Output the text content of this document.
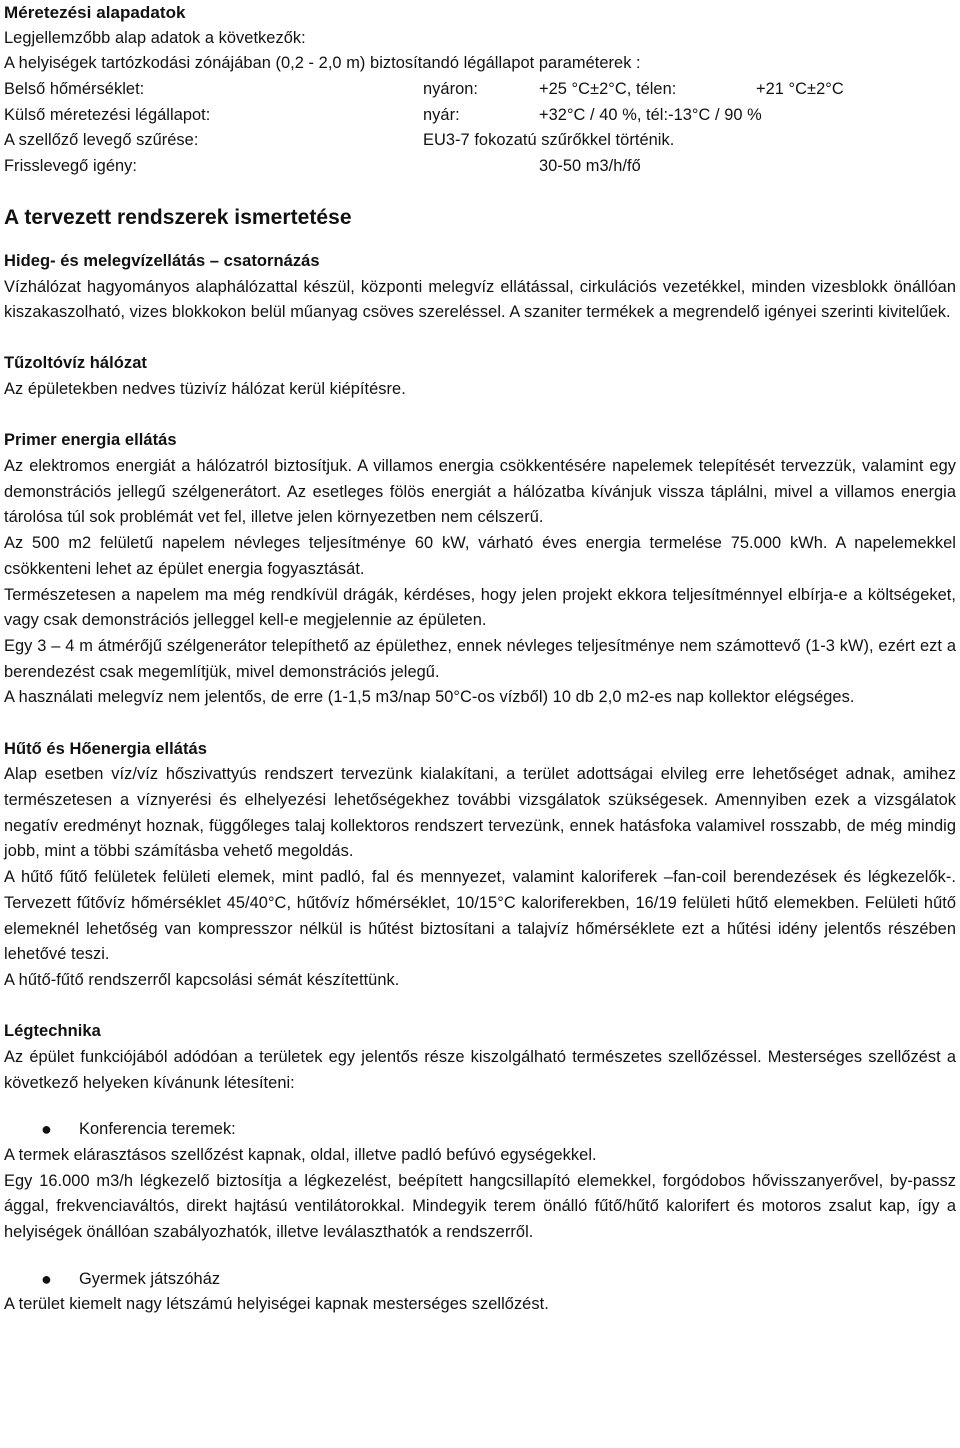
Méretezési alapadatok

Legjellemzőbb alap adatok a következők:

A helyiségek tartózkodási zónájában (0,2 - 2,0 m) biztosítandó légállapot paraméterek :

Belső hőmérséklet:	nyáron:	+25 °C±2°C, télen:	+21 °C±2°C
Külső méretezési légállapot:	nyár:	+32°C / 40 %, tél:-13°C / 90 %
A szellőző levegő szűrése:	EU3-7 fokozatú szűrőkkel történik.
Frisslevegő igény:	30-50 m3/h/fő
A tervezett rendszerek ismertetése
Hideg- és melegvízellátás – csatornázás

Vízhálózat hagyományos alaphálózattal készül, központi melegvíz ellátással, cirkulációs vezetékkel, minden vizesblokk önállóan kiszakaszolható, vizes blokkokon belül műanyag csöves szereléssel. A szaniter termékek a megrendelő igényei szerinti kivitelűek.

Tűzoltóvíz hálózat

Az épületekben nedves tüzivíz hálózat kerül kiépítésre.

Primer energia ellátás

Az elektromos energiát a hálózatról biztosítjuk. A villamos energia csökkentésére napelemek telepítését tervezzük, valamint egy demonstrációs jellegű szélgenerátort. Az esetleges fölös energiát a hálózatba kívánjuk vissza táplálni, mivel a villamos energia tárolósa túl sok problémát vet fel, illetve jelen környezetben nem célszerű.

Az 500 m2 felületű napelem névleges teljesítménye 60 kW, várható éves energia termelése 75.000 kWh. A napelemekkel csökkenteni lehet az épület energia fogyasztását.

Természetesen a napelem ma még rendkívül drágák, kérdéses, hogy jelen projekt ekkora teljesítménnyel elbírja-e a költségeket, vagy csak demonstrációs jelleggel kell-e megjelennie az épületen.

Egy 3 – 4 m átmérőjű szélgenerátor telepíthető az épülethez, ennek névleges teljesítménye nem számottevő (1-3 kW), ezért ezt a berendezést csak megemlítjük, mivel demonstrációs jelegű.

A használati melegvíz nem jelentős, de erre (1-1,5 m3/nap 50°C-os vízből) 10 db 2,0 m2-es nap kollektor elégséges.

Hűtő és Hőenergia ellátás

Alap esetben víz/víz hőszivattyús rendszert tervezünk kialakítani, a terület adottságai elvileg erre lehetőséget adnak, amihez természetesen a víznyerési és elhelyezési lehetőségekhez további vizsgálatok szükségesek. Amennyiben ezek a vizsgálatok negatív eredményt hoznak, függőleges talaj kollektoros rendszert tervezünk, ennek hatásfoka valamivel rosszabb, de még mindig jobb, mint a többi számításba vehető megoldás.

A hűtő fűtő felületek felületi elemek, mint padló, fal és mennyezet, valamint kaloriferek –fan-coil berendezések és légkezelők-. Tervezett fűtővíz hőmérséklet 45/40°C, hűtővíz hőmérséklet, 10/15°C kaloriferekben, 16/19 felületi hűtő elemekben. Felületi hűtő elemeknél lehetőség van kompresszor nélkül is hűtést biztosítani a talajvíz hőmérséklete ezt a hűtési idény jelentős részében lehetővé teszi.

A hűtő-fűtő rendszerről kapcsolási sémát készítettünk.

Légtechnika

Az épület funkciójából adódóan a területek egy jelentős része kiszolgálható természetes szellőzéssel. Mesterséges szellőzést a következő helyeken kívánunk létesíteni:

● Konferencia teremek:

A termek elárasztásos szellőzést kapnak, oldal, illetve padló befúvó egységekkel.

Egy 16.000 m3/h légkezelő biztosítja a légkezelést, beépített hangcsillapító elemekkel, forgódobos hővisszanyerővel, by-passz ággal, frekvenciaváltós, direkt hajtású ventilátorokkal. Mindegyik terem önálló fűtő/hűtő kalorifert és motoros zsalut kap, így a helyiségek önállóan szabályozhatók, illetve leválaszthatók a rendszerről.

● Gyermek játszóház

A terület kiemelt nagy létszámú helyiségei kapnak mesterséges szellőzést.
